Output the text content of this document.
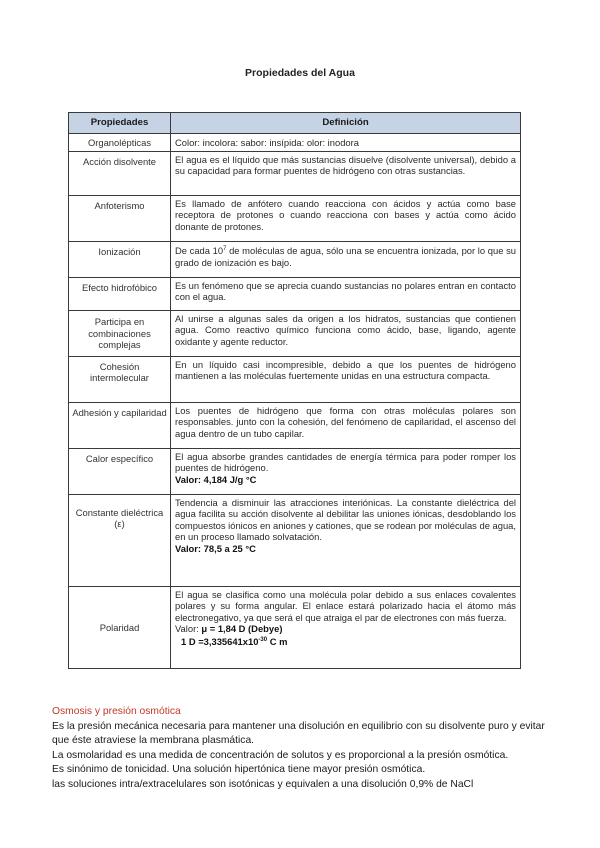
Propiedades del Agua
Propiedades	Definición
Organolépticas	Color: incolora: sabor: insípida: olor: inodora
Acción disolvente	El agua es el líquido que más sustancias disuelve (disolvente universal), debido a su capacidad para formar puentes de hidrógeno con otras sustancias.
Anfoterismo	Es llamado de anfótero cuando reacciona con ácidos y actúa como base receptora de protones o cuando reacciona con bases y actúa como ácido donante de protones.
Ionización	De cada $10^7$ de moléculas de agua, sólo una se encuentra ionizada, por lo que su grado de ionización es bajo.
Efecto hidrofóbico	Es un fenómeno que se aprecia cuando sustancias no polares entran en contacto con el agua.
Participa en combinaciones complejas	Al unirse a algunas sales da origen a los hidratos, sustancias que contienen agua. Como reactivo químico funciona como ácido, base, ligando, agente oxidante y agente reductor.
Cohesión intermolecular	En un líquido casi incompresible, debido a que los puentes de hidrógeno mantienen a las moléculas fuertemente unidas en una estructura compacta.
Adhesión y capilaridad	Los puentes de hidrógeno que forma con otras moléculas polares son responsables. junto con la cohesión, del fenómeno de capilaridad, el ascenso del agua dentro de un tubo capilar.
Calor específico	El agua absorbe grandes cantidades de energía térmica para poder romper los puentes de hidrógeno.
Valor: 4,184 J/g °C

Constante dieléctrica (ε)	Tendencia a disminuir las atracciones interiónicas. La constante dieléctrica del agua facilita su acción disolvente al debilitar las uniones iónicas, desdoblando los compuestos iónicos en aniones y cationes, que se rodean por moléculas de agua, en un proceso llamado solvatación.
Valor: 78,5 a 25 °C

Polaridad	El agua se clasifica como una molécula polar debido a sus enlaces covalentes polares y su forma angular. El enlace estará polarizado hacia el átomo más electronegativo, ya que será el que atraiga el par de electrones con más fuerza.
Valor: μ = 1,84 D (Debye)
1 $D =3,335641x10^{-30}$ C m

Osmosis y presión osmótica

Es la presión mecánica necesaria para mantener una disolución en equilibrio con su disolvente puro y evitar que éste atraviese la membrana plasmática.

La osmolaridad es una medida de concentración de solutos y es proporcional a la presión osmótica.

Es sinónimo de tonicidad. Una solución hipertónica tiene mayor presión osmótica.

las soluciones intra/extracelulares son isotónicas y equivalen a una disolución 0,9% de NaCl
